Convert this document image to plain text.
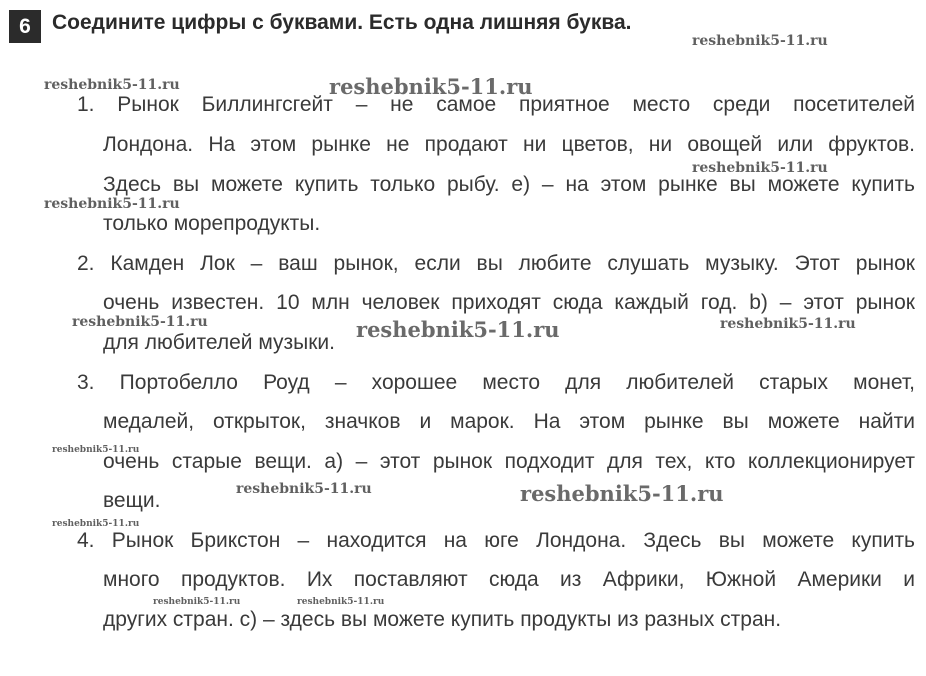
6	Соедините цифры с буквами. Есть одна лишняя буква.
1. Рынок Биллингсгейт – не самое приятное место среди посетителей
Лондона. На этом рынке не продают ни цветов, ни овощей или фруктов.
Здесь вы можете купить только рыбу. e) – на этом рынке вы можете купить
только морепродукты.
2. Камден Лок – ваш рынок, если вы любите слушать музыку. Этот рынок
очень известен. 10 млн человек приходят сюда каждый год. b) – этот рынок
для любителей музыки.
3. Портобелло Роуд – хорошее место для любителей старых монет,
медалей, открыток, значков и марок. На этом рынке вы можете найти
очень старые вещи. a) – этот рынок подходит для тех, кто коллекционирует
вещи.
4. Рынок Брикстон – находится на юге Лондона. Здесь вы можете купить
много продуктов. Их поставляют сюда из Африки, Южной Америки и
других стран. c) – здесь вы можете купить продукты из разных стран.
reshebnik5-11.ru
reshebnik5-11.ru	reshebnik5-11.ru
reshebnik5-11.ru
reshebnik5-11.ru
reshebnik5-11.ru	reshebnik5-11.ru	reshebnik5-11.ru
reshebnik5-11.ru
reshebnik5-11.ru	reshebnik5-11.ru
reshebnik5-11.ru
reshebnik5-11.ru	reshebnik5-11.ru
